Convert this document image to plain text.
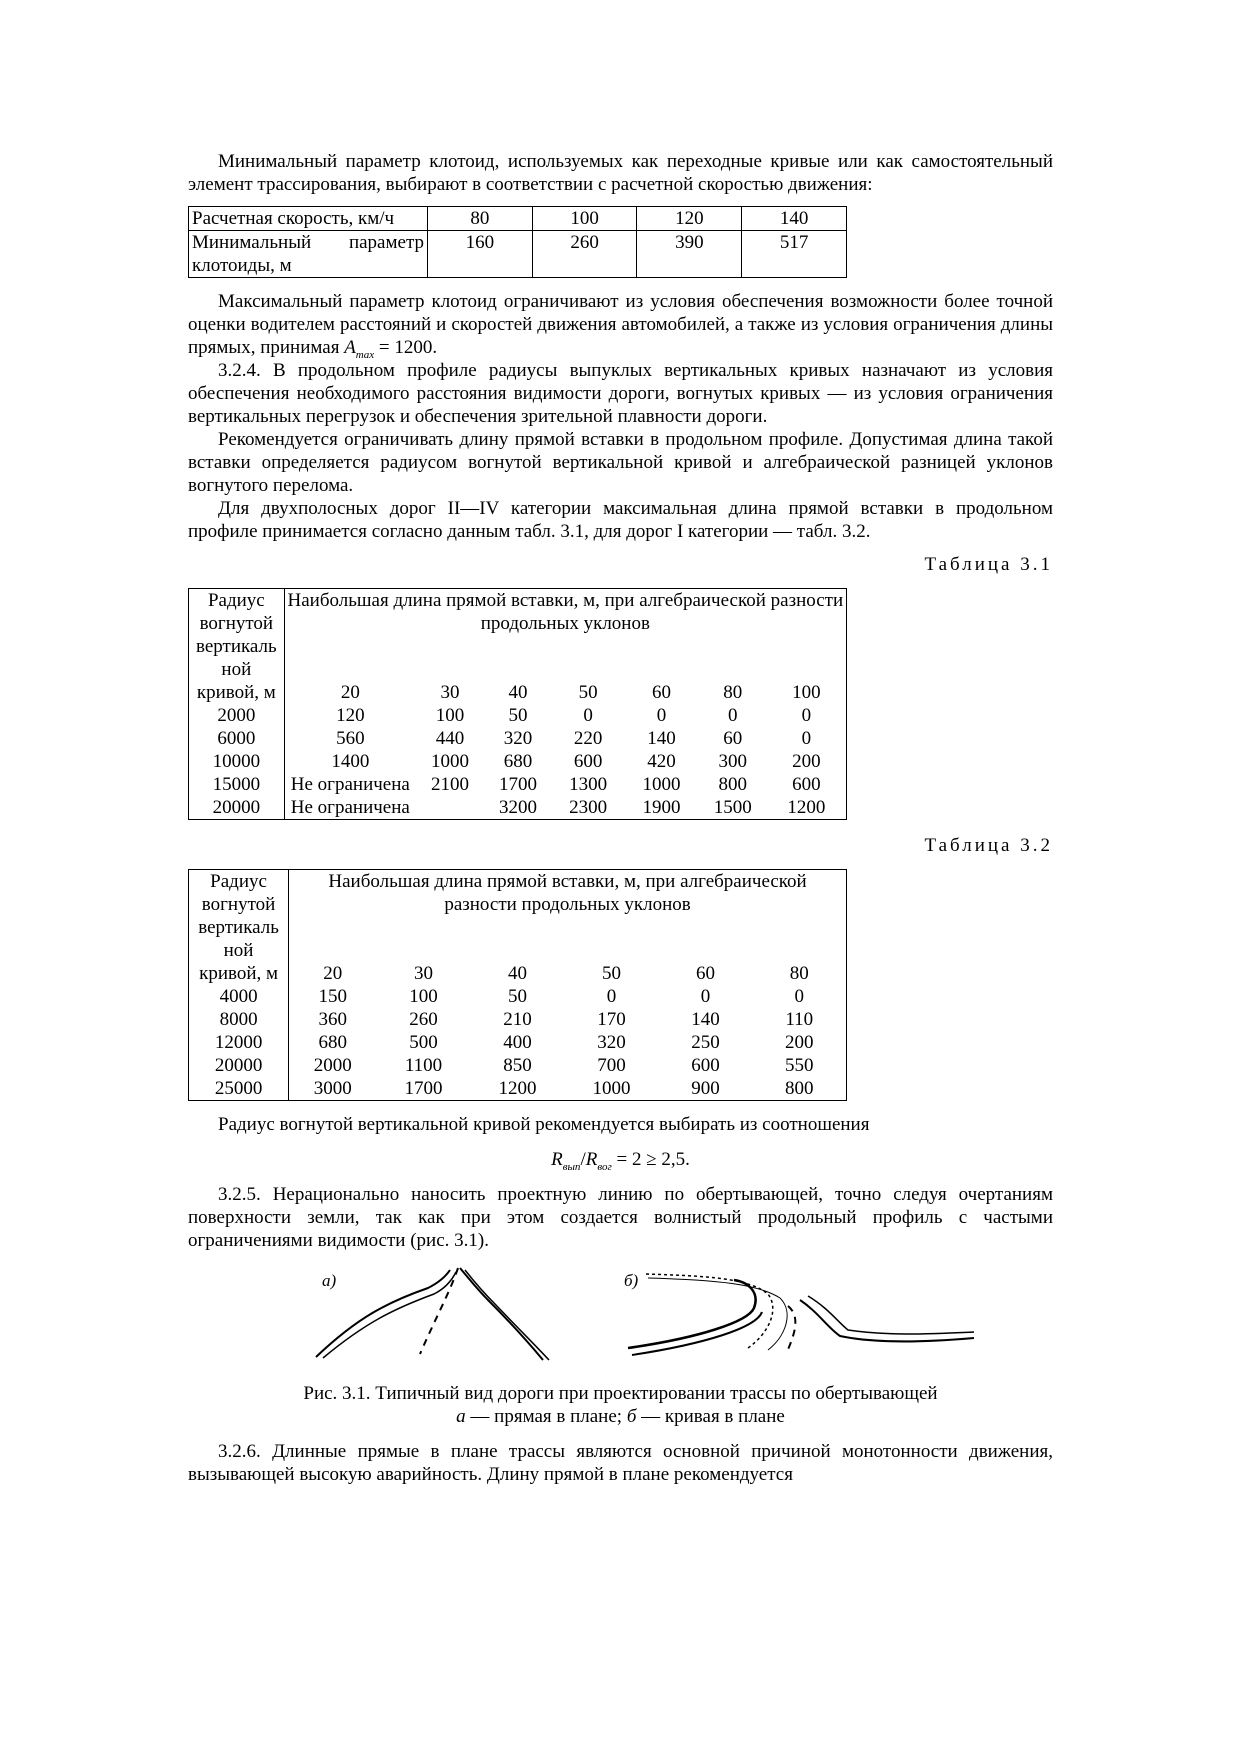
Минимальный параметр клотоид, используемых как переходные кривые или как самостоятельный элемент трассирования, выбирают в соответствии с расчетной скоростью движения:

Расчетная скорость, км/ч	80	100	120	140
Минимальный параметр клотоиды, м	160	260	390	517

Максимальный параметр клотоид ограничивают из условия обеспечения возможности более точной оценки водителем расстояний и скоростей движения автомобилей, а также из условия ограничения длины прямых, принимая $A_{max} = 1200$.

3.2.4. В продольном профиле радиусы выпуклых вертикальных кривых назначают из условия обеспечения необходимого расстояния видимости дороги, вогнутых кривых — из условия ограничения вертикальных перегрузок и обеспечения зрительной плавности дороги.

Рекомендуется ограничивать длину прямой вставки в продольном профиле. Допустимая длина такой вставки определяется радиусом вогнутой вертикальной кривой и алгебраической разницей уклонов вогнутого перелома.

Для двухполосных дорог II—IV категории максимальная длина прямой вставки в продольном профиле принимается согласно данным табл. 3.1, для дорог I категории — табл. 3.2.

Таблица 3.1
Радиус вогнутой вертикаль ной	Наибольшая длина прямой вставки, м, при алгебраической разности продольных уклонов						
кривой, м	20	30	40	50	60	80	100
2000	120	100	50	0	0	0	0
6000	560	440	320	220	140	60	0
10000	1400	1000	680	600	420	300	200
15000	Не ограничена	2100	1700	1300	1000	800	600
20000	Не ограничена		3200	2300	1900	1500	1200
Таблица 3.2
Радиус вогнутой вертикаль ной	Наибольшая длина прямой вставки, м, при алгебраической разности продольных уклонов					
кривой, м	20	30	40	50	60	80
4000	150	100	50	0	0	0
8000	360	260	210	170	140	110
12000	680	500	400	320	250	200
20000	2000	1100	850	700	600	550
25000	3000	1700	1200	1000	900	800

Радиус вогнутой вертикальной кривой рекомендуется выбирать из соотношения

$R_{вып}/R_{вог} = 2 \ge 2,5$.

3.2.5. Нерационально наносить проектную линию по обертывающей, точно следуя очертаниям поверхности земли, так как при этом создается волнистый продольный профиль с частыми ограничениями видимости (рис. 3.1).

а)	б)
Рис. 3.1. Типичный вид дороги при проектировании трассы по обертывающей
а — прямая в плане; б — кривая в плане

3.2.6. Длинные прямые в плане трассы являются основной причиной монотонности движения, вызывающей высокую аварийность. Длину прямой в плане рекомендуется
